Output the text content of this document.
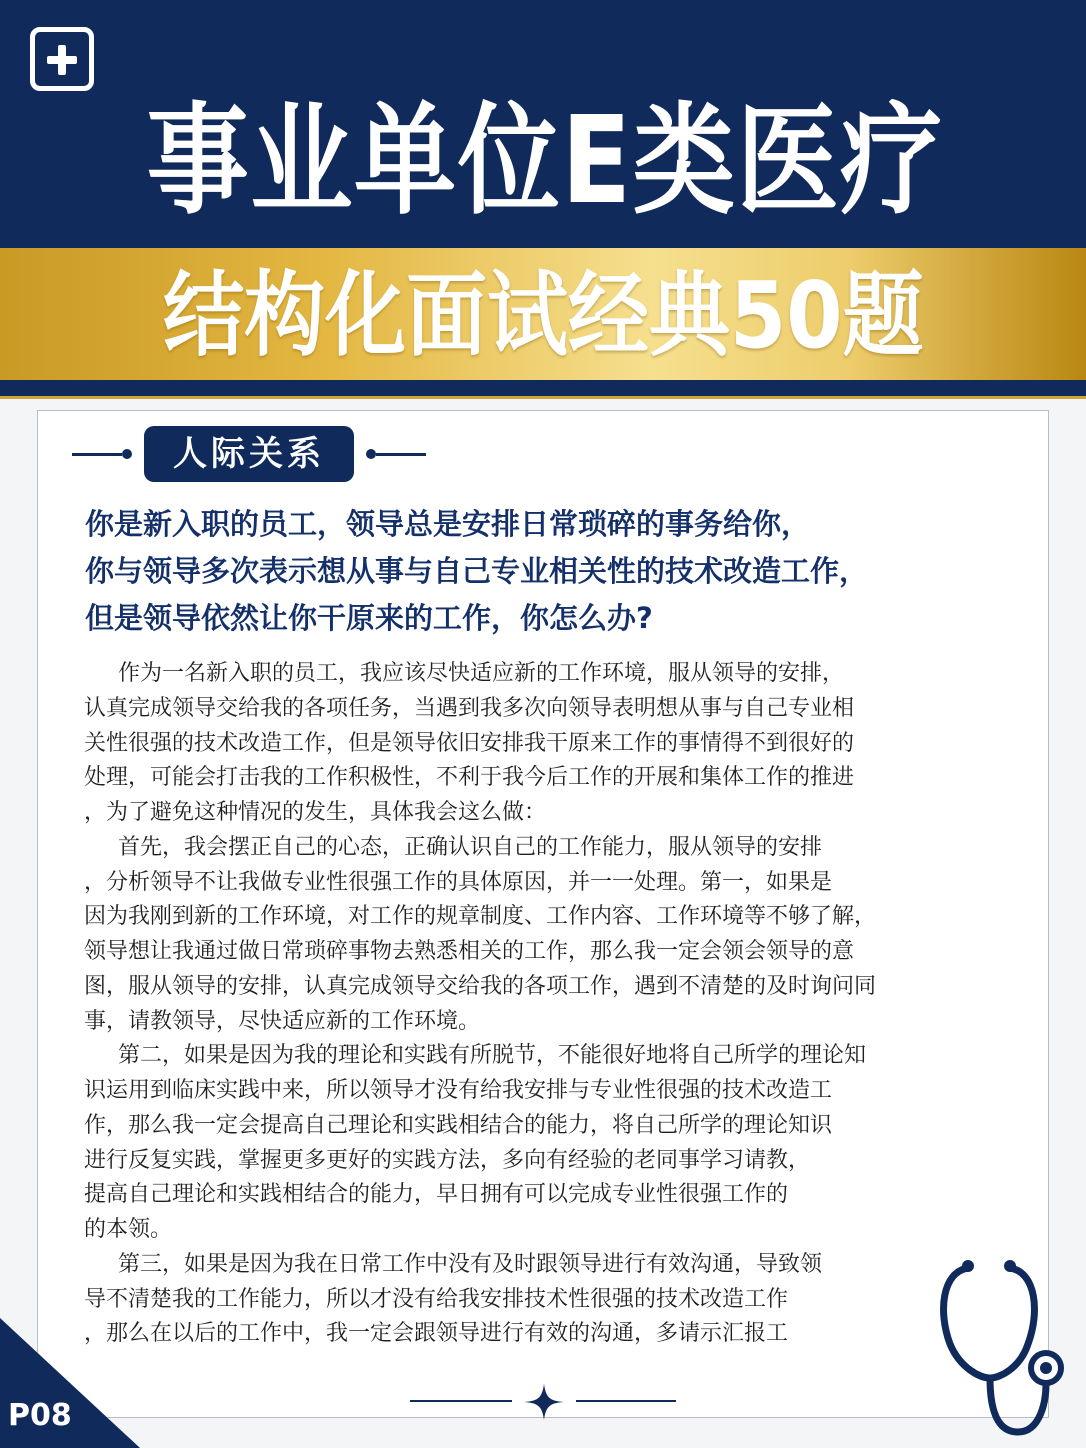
事业单位E类医疗
结构化面试经典50题
人际关系
你是新入职的员工，领导总是安排日常琐碎的事务给你，
你与领导多次表示想从事与自己专业相关性的技术改造工作，
但是领导依然让你干原来的工作，你怎么办?
作为一名新入职的员工，我应该尽快适应新的工作环境，服从领导的安排，
认真完成领导交给我的各项任务，当遇到我多次向领导表明想从事与自己专业相
关性很强的技术改造工作，但是领导依旧安排我干原来工作的事情得不到很好的
处理，可能会打击我的工作积极性，不利于我今后工作的开展和集体工作的推进
，为了避免这种情况的发生，具体我会这么做：
首先，我会摆正自己的心态，正确认识自己的工作能力，服从领导的安排
，分析领导不让我做专业性很强工作的具体原因，并一一处理。第一，如果是
因为我刚到新的工作环境，对工作的规章制度、工作内容、工作环境等不够了解，
领导想让我通过做日常琐碎事物去熟悉相关的工作，那么我一定会领会领导的意
图，服从领导的安排，认真完成领导交给我的各项工作，遇到不清楚的及时询问同
事，请教领导，尽快适应新的工作环境。
第二，如果是因为我的理论和实践有所脱节，不能很好地将自己所学的理论知
识运用到临床实践中来，所以领导才没有给我安排与专业性很强的技术改造工
作，那么我一定会提高自己理论和实践相结合的能力，将自己所学的理论知识
进行反复实践，掌握更多更好的实践方法，多向有经验的老同事学习请教，
提高自己理论和实践相结合的能力，早日拥有可以完成专业性很强工作的
的本领。
第三，如果是因为我在日常工作中没有及时跟领导进行有效沟通，导致领
导不清楚我的工作能力，所以才没有给我安排技术性很强的技术改造工作
，那么在以后的工作中，我一定会跟领导进行有效的沟通，多请示汇报工
P08
